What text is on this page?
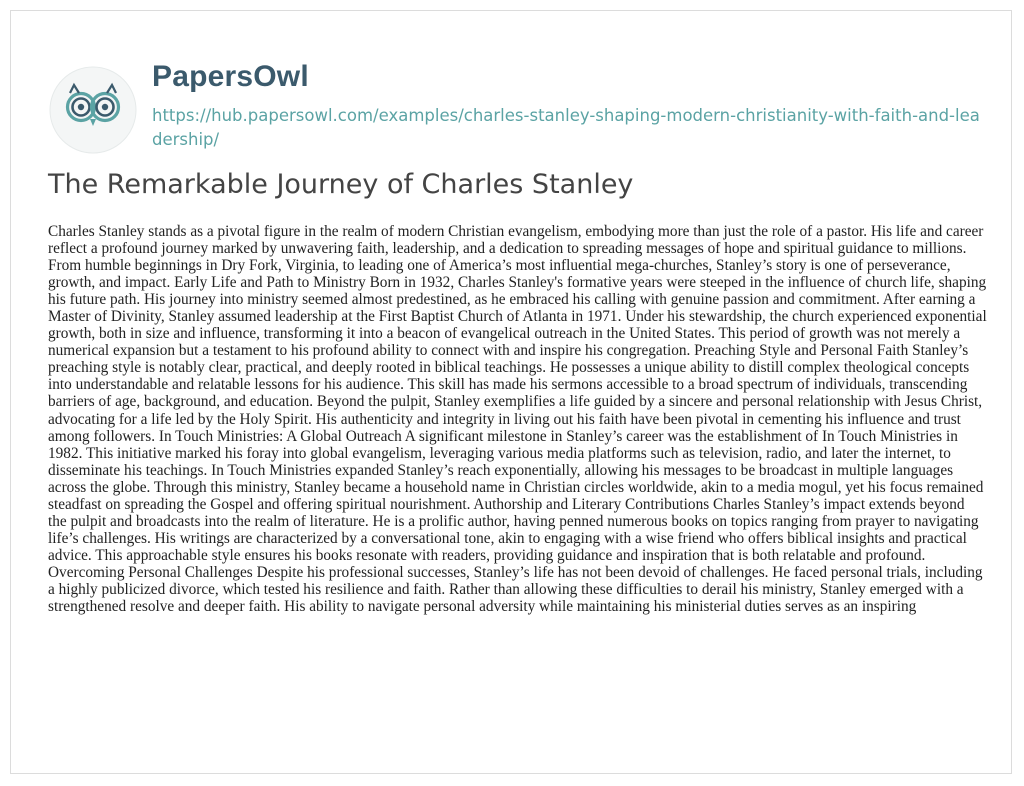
PapersOwl
https://hub.papersowl.com/examples/charles-stanley-shaping-modern-christianity-with-faith-and-leadership/
The Remarkable Journey of Charles Stanley

Charles Stanley stands as a pivotal figure in the realm of modern Christian evangelism, embodying more than just the role of a pastor. His life and career reflect a profound journey marked by unwavering faith, leadership, and a dedication to spreading messages of hope and spiritual guidance to millions. From humble beginnings in Dry Fork, Virginia, to leading one of America’s most influential mega-churches, Stanley’s story is one of perseverance, growth, and impact. Early Life and Path to Ministry Born in 1932, Charles Stanley's formative years were steeped in the influence of church life, shaping his future path. His journey into ministry seemed almost predestined, as he embraced his calling with genuine passion and commitment. After earning a Master of Divinity, Stanley assumed leadership at the First Baptist Church of Atlanta in 1971. Under his stewardship, the church experienced exponential growth, both in size and influence, transforming it into a beacon of evangelical outreach in the United States. This period of growth was not merely a numerical expansion but a testament to his profound ability to connect with and inspire his congregation. Preaching Style and Personal Faith Stanley’s preaching style is notably clear, practical, and deeply rooted in biblical teachings. He possesses a unique ability to distill complex theological concepts into understandable and relatable lessons for his audience. This skill has made his sermons accessible to a broad spectrum of individuals, transcending barriers of age, background, and education. Beyond the pulpit, Stanley exemplifies a life guided by a sincere and personal relationship with Jesus Christ, advocating for a life led by the Holy Spirit. His authenticity and integrity in living out his faith have been pivotal in cementing his influence and trust among followers. In Touch Ministries: A Global Outreach A significant milestone in Stanley’s career was the establishment of In Touch Ministries in 1982. This initiative marked his foray into global evangelism, leveraging various media platforms such as television, radio, and later the internet, to disseminate his teachings. In Touch Ministries expanded Stanley’s reach exponentially, allowing his messages to be broadcast in multiple languages across the globe. Through this ministry, Stanley became a household name in Christian circles worldwide, akin to a media mogul, yet his focus remained steadfast on spreading the Gospel and offering spiritual nourishment. Authorship and Literary Contributions Charles Stanley’s impact extends beyond the pulpit and broadcasts into the realm of literature. He is a prolific author, having penned numerous books on topics ranging from prayer to navigating life’s challenges. His writings are characterized by a conversational tone, akin to engaging with a wise friend who offers biblical insights and practical advice. This approachable style ensures his books resonate with readers, providing guidance and inspiration that is both relatable and profound. Overcoming Personal Challenges Despite his professional successes, Stanley’s life has not been devoid of challenges. He faced personal trials, including a highly publicized divorce, which tested his resilience and faith. Rather than allowing these difficulties to derail his ministry, Stanley emerged with a strengthened resolve and deeper faith. His ability to navigate personal adversity while maintaining his ministerial duties serves as an inspiring
